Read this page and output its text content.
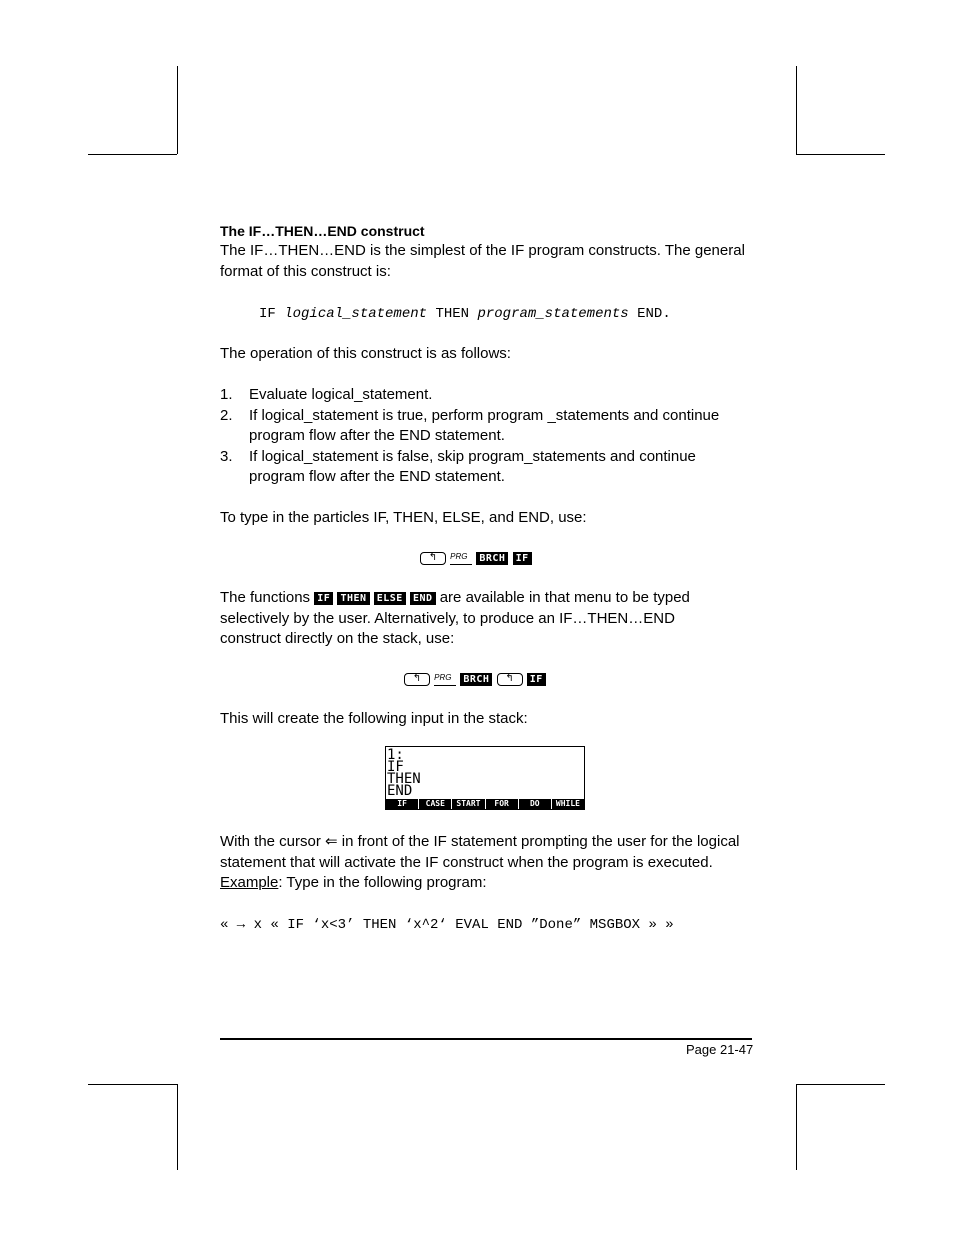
The IF…THEN…END construct
The IF…THEN…END is the simplest of the IF program constructs. The general
format of this construct is:
IF logical_statement THEN program_statements END.
The operation of this construct is as follows:
1. Evaluate logical_statement.
2. If logical_statement is true, perform program _statements and continue
program flow after the END statement.
3. If logical_statement is false, skip program_statements and continue
program flow after the END statement.
To type in the particles IF, THEN, ELSE, and END, use:
↰ PRG BRCH IF
The functions IF THEN ELSE END are available in that menu to be typed
selectively by the user. Alternatively, to produce an IF…THEN…END
construct directly on the stack, use:
↰ PRG BRCH ↰ IF
This will create the following input in the stack:
1:
IF
THEN
END
IF	CASE	START	FOR	DO	WHILE
With the cursor ⇐ in front of the IF statement prompting the user for the logical
statement that will activate the IF construct when the program is executed.
Example: Type in the following program:
« → x « IF ‘x<3’ THEN ‘x^2‘ EVAL END ”Done” MSGBOX » »
Page 21-47
